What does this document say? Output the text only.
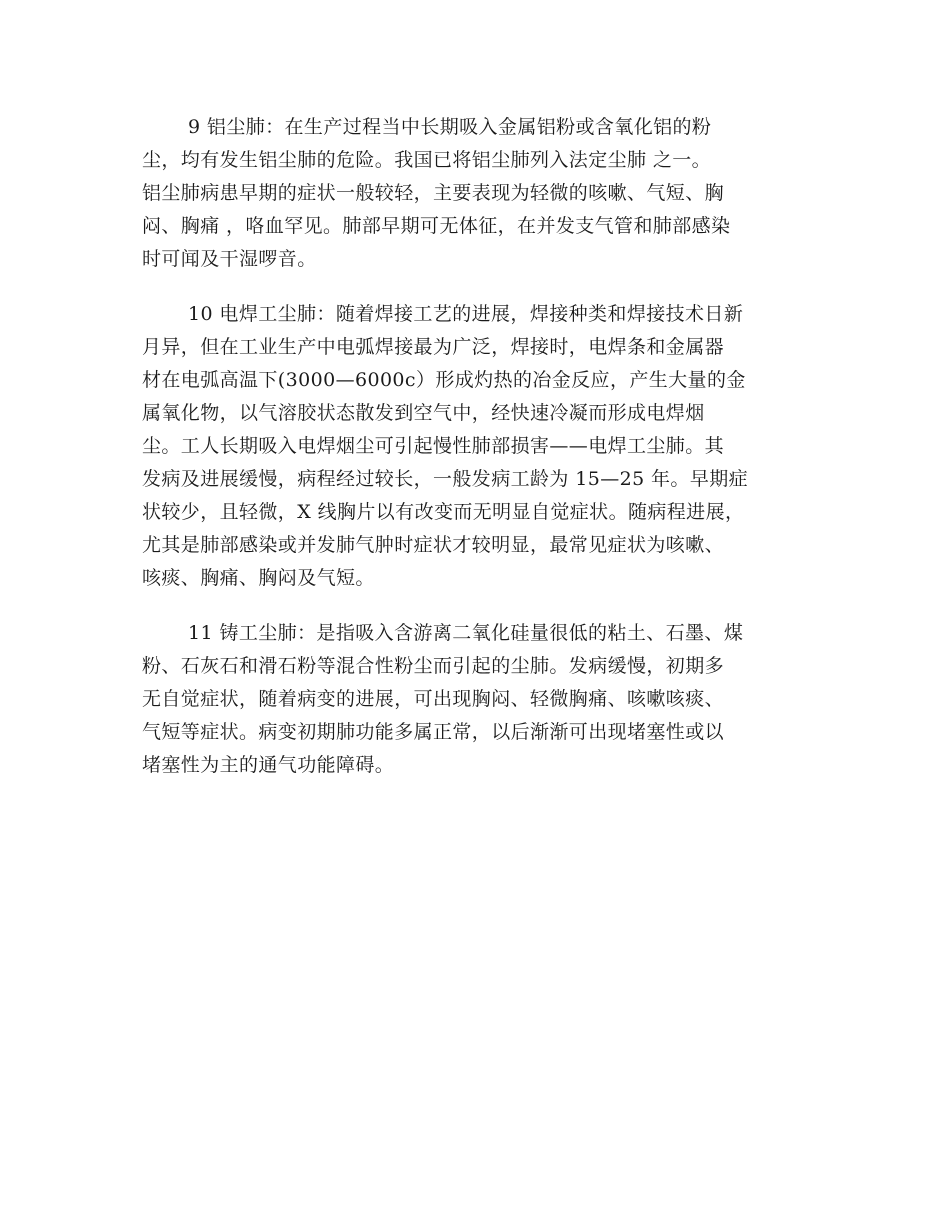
9 铝尘肺：在生产过程当中长期吸入金属铝粉或含氧化铝的粉
尘，均有发生铝尘肺的危险。我国已将铝尘肺列入法定尘肺 之一。
铝尘肺病患早期的症状一般较轻，主要表现为轻微的咳嗽、气短、胸
闷、胸痛 ，咯血罕见。肺部早期可无体征，在并发支气管和肺部感染
时可闻及干湿啰音。

10 电焊工尘肺：随着焊接工艺的进展，焊接种类和焊接技术日新
月异，但在工业生产中电弧焊接最为广泛，焊接时，电焊条和金属器
材在电弧高温下(3000—6000c）形成灼热的冶金反应，产生大量的金
属氧化物，以气溶胶状态散发到空气中，经快速冷凝而形成电焊烟
尘。工人长期吸入电焊烟尘可引起慢性肺部损害——电焊工尘肺。其
发病及进展缓慢，病程经过较长，一般发病工龄为 15—25 年。早期症
状较少，且轻微，X 线胸片以有改变而无明显自觉症状。随病程进展，
尤其是肺部感染或并发肺气肿时症状才较明显，最常见症状为咳嗽、
咳痰、胸痛、胸闷及气短。

11 铸工尘肺：是指吸入含游离二氧化硅量很低的粘土、石墨、煤
粉、石灰石和滑石粉等混合性粉尘而引起的尘肺。发病缓慢，初期多
无自觉症状，随着病变的进展，可出现胸闷、轻微胸痛、咳嗽咳痰、
气短等症状。病变初期肺功能多属正常，以后渐渐可出现堵塞性或以
堵塞性为主的通气功能障碍。
